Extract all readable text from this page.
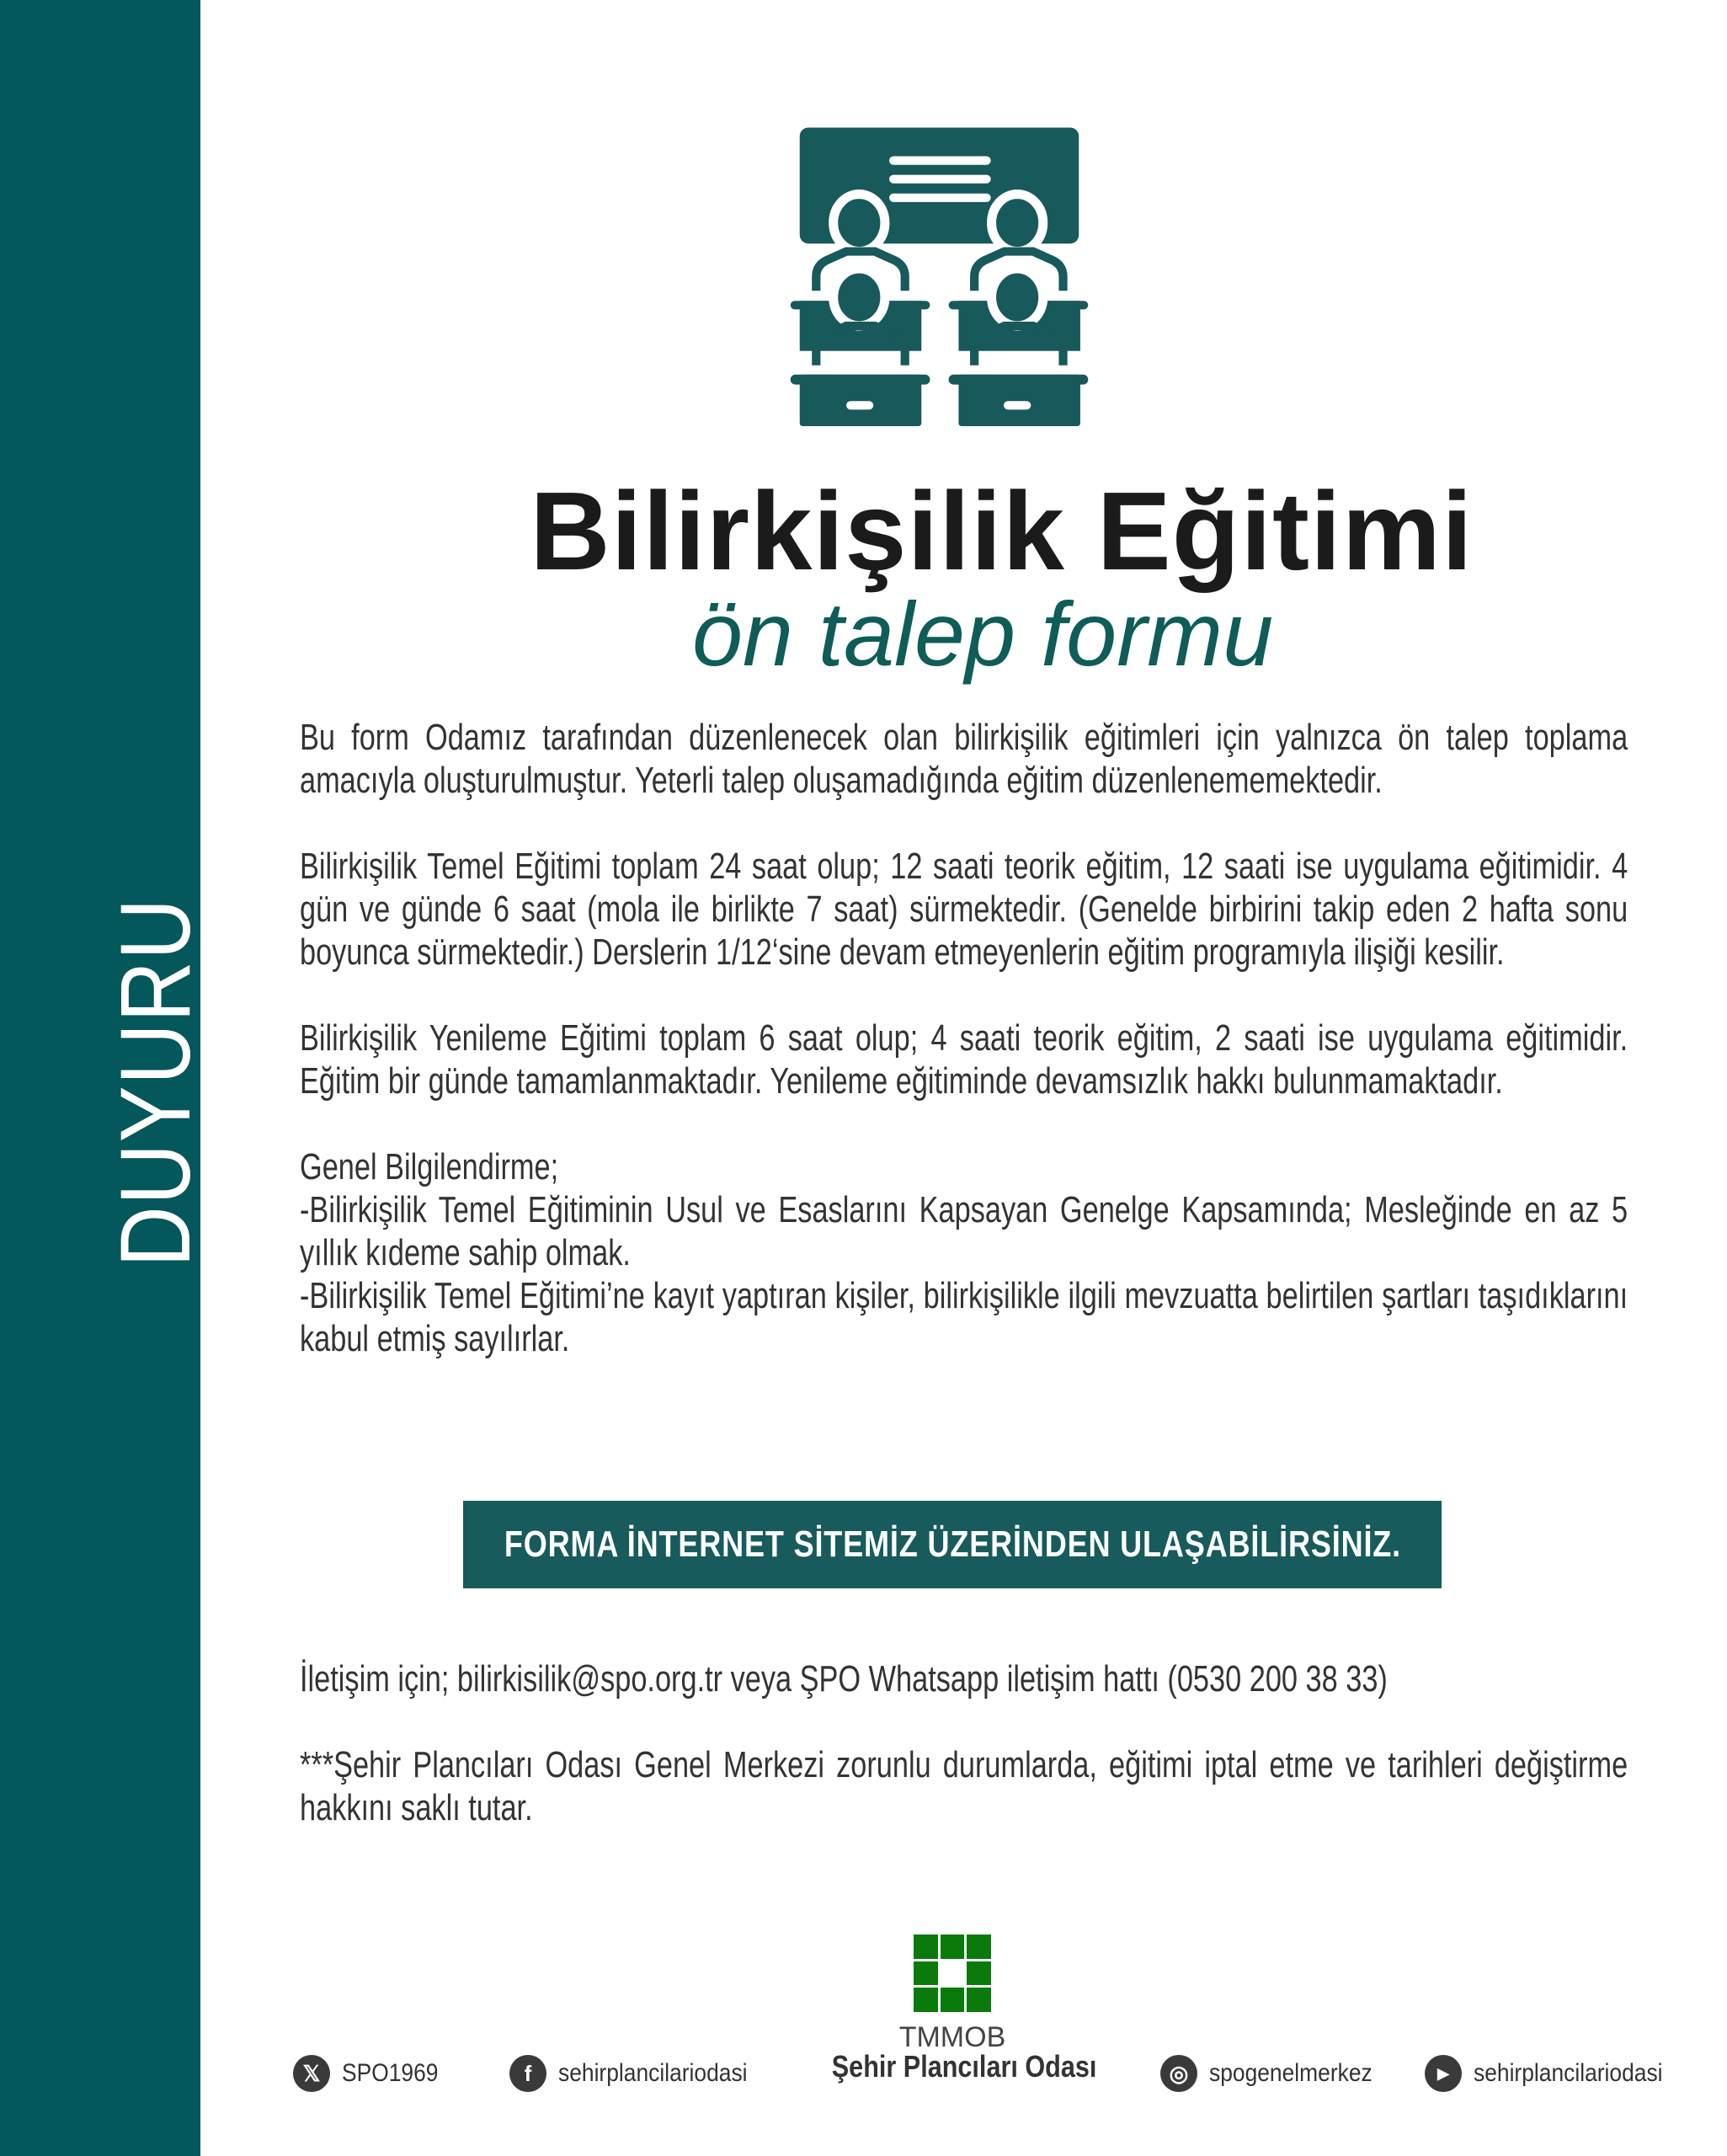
DUYURU
Bilirkişilik Eğitimi
ön talep formu

Bu form Odamız tarafından düzenlenecek olan bilirkişilik eğitimleri için yalnızca ön talep toplama amacıyla oluşturulmuştur. Yeterli talep oluşamadığında eğitim düzenlenememektedir.

Bilirkişilik Temel Eğitimi toplam 24 saat olup; 12 saati teorik eğitim, 12 saati ise uygulama eğitimidir. 4 gün ve günde 6 saat (mola ile birlikte 7 saat) sürmektedir. (Genelde birbirini takip eden 2 hafta sonu boyunca sürmektedir.) Derslerin 1/12‘sine devam etmeyenlerin eğitim programıyla ilişiği kesilir.

Bilirkişilik Yenileme Eğitimi toplam 6 saat olup; 4 saati teorik eğitim, 2 saati ise uygulama eğitimidir. Eğitim bir günde tamamlanmaktadır. Yenileme eğitiminde devamsızlık hakkı bulunmamaktadır.

Genel Bilgilendirme;

-Bilirkişilik Temel Eğitiminin Usul ve Esaslarını Kapsayan Genelge Kapsamında; Mesleğinde en az 5 yıllık kıdeme sahip olmak.

-Bilirkişilik Temel Eğitimi’ne kayıt yaptıran kişiler, bilirkişilikle ilgili mevzuatta belirtilen şartları taşıdıklarını kabul etmiş sayılırlar.

FORMA İNTERNET SİTEMİZ ÜZERİNDEN ULAŞABİLİRSİNİZ.
İletişim için; bilirkisilik@spo.org.tr veya ŞPO Whatsapp iletişim hattı (0530 200 38 33)
***Şehir Plancıları Odası Genel Merkezi zorunlu durumlarda, eğitimi iptal etme ve tarihleri değiştirme hakkını saklı tutar.
TMMOB
Şehir Plancıları Odası
𝕏 SPO1969	f	sehirplancilariodasi	◎ spogenelmerkez	▶ sehirplancilariodasi
